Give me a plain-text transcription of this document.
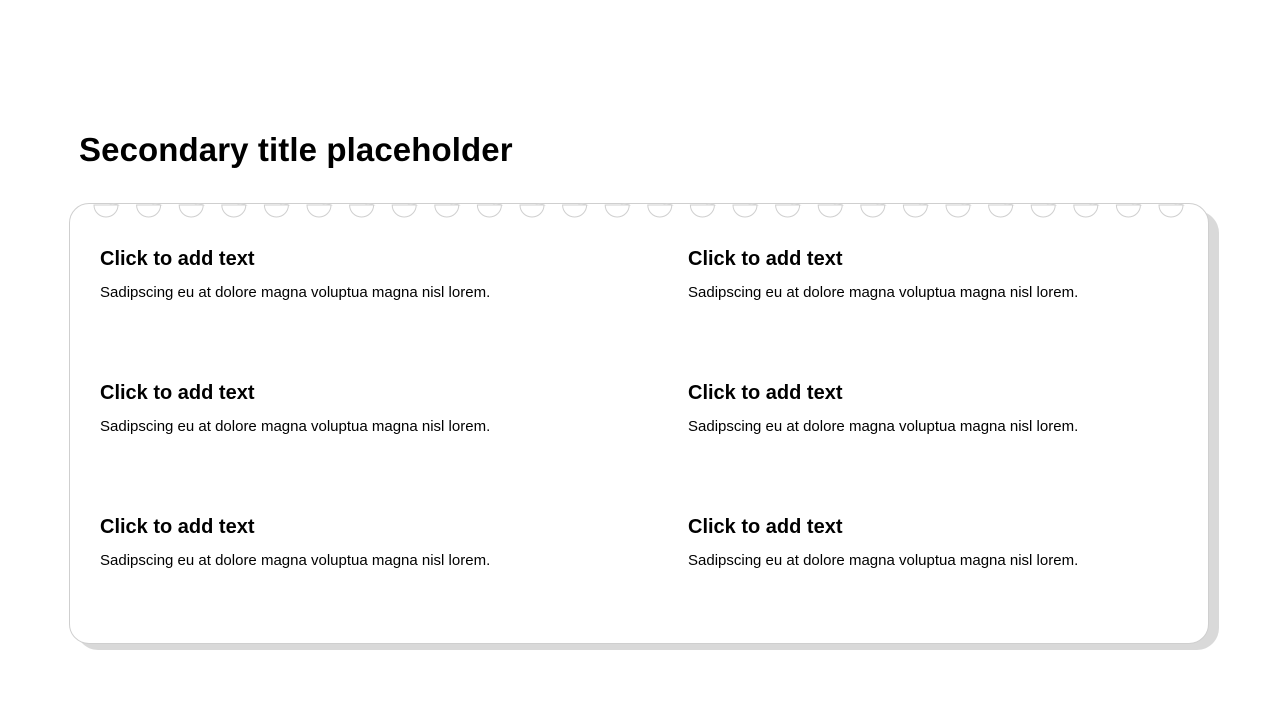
Secondary title placeholder
Click to add text

Sadipscing eu at dolore magna voluptua magna nisl lorem.

Click to add text

Sadipscing eu at dolore magna voluptua magna nisl lorem.

Click to add text

Sadipscing eu at dolore magna voluptua magna nisl lorem.

Click to add text

Sadipscing eu at dolore magna voluptua magna nisl lorem.

Click to add text

Sadipscing eu at dolore magna voluptua magna nisl lorem.

Click to add text

Sadipscing eu at dolore magna voluptua magna nisl lorem.
